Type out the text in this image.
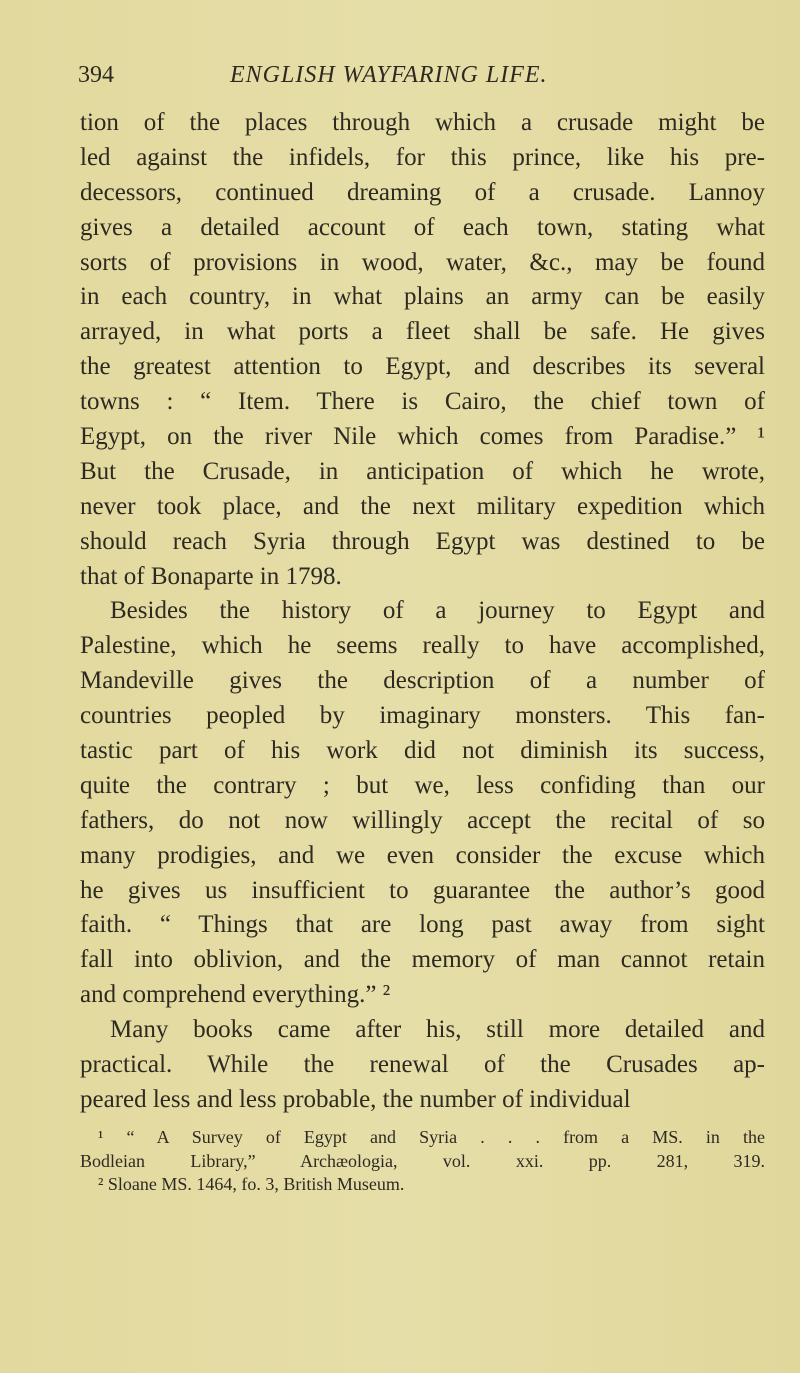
394	ENGLISH WAYFARING LIFE.
tion of the places through which a crusade might be
led against the infidels, for this prince, like his pre-
decessors, continued dreaming of a crusade. Lannoy
gives a detailed account of each town, stating what
sorts of provisions in wood, water, &c., may be found
in each country, in what plains an army can be easily
arrayed, in what ports a fleet shall be safe. He gives
the greatest attention to Egypt, and describes its several
towns : “ Item. There is Cairo, the chief town of
Egypt, on the river Nile which comes from Paradise.” ¹
But the Crusade, in anticipation of which he wrote,
never took place, and the next military expedition which
should reach Syria through Egypt was destined to be
that of Bonaparte in 1798.
Besides the history of a journey to Egypt and
Palestine, which he seems really to have accomplished,
Mandeville gives the description of a number of
countries peopled by imaginary monsters. This fan-
tastic part of his work did not diminish its success,
quite the contrary ; but we, less confiding than our
fathers, do not now willingly accept the recital of so
many prodigies, and we even consider the excuse which
he gives us insufficient to guarantee the author’s good
faith. “ Things that are long past away from sight
fall into oblivion, and the memory of man cannot retain
and comprehend everything.” ²
Many books came after his, still more detailed and
practical. While the renewal of the Crusades ap-
peared less and less probable, the number of individual
¹ “ A Survey of Egypt and Syria . . . from a MS. in the
Bodleian Library,” Archæologia, vol. xxi. pp. 281, 319.
² Sloane MS. 1464, fo. 3, British Museum.
